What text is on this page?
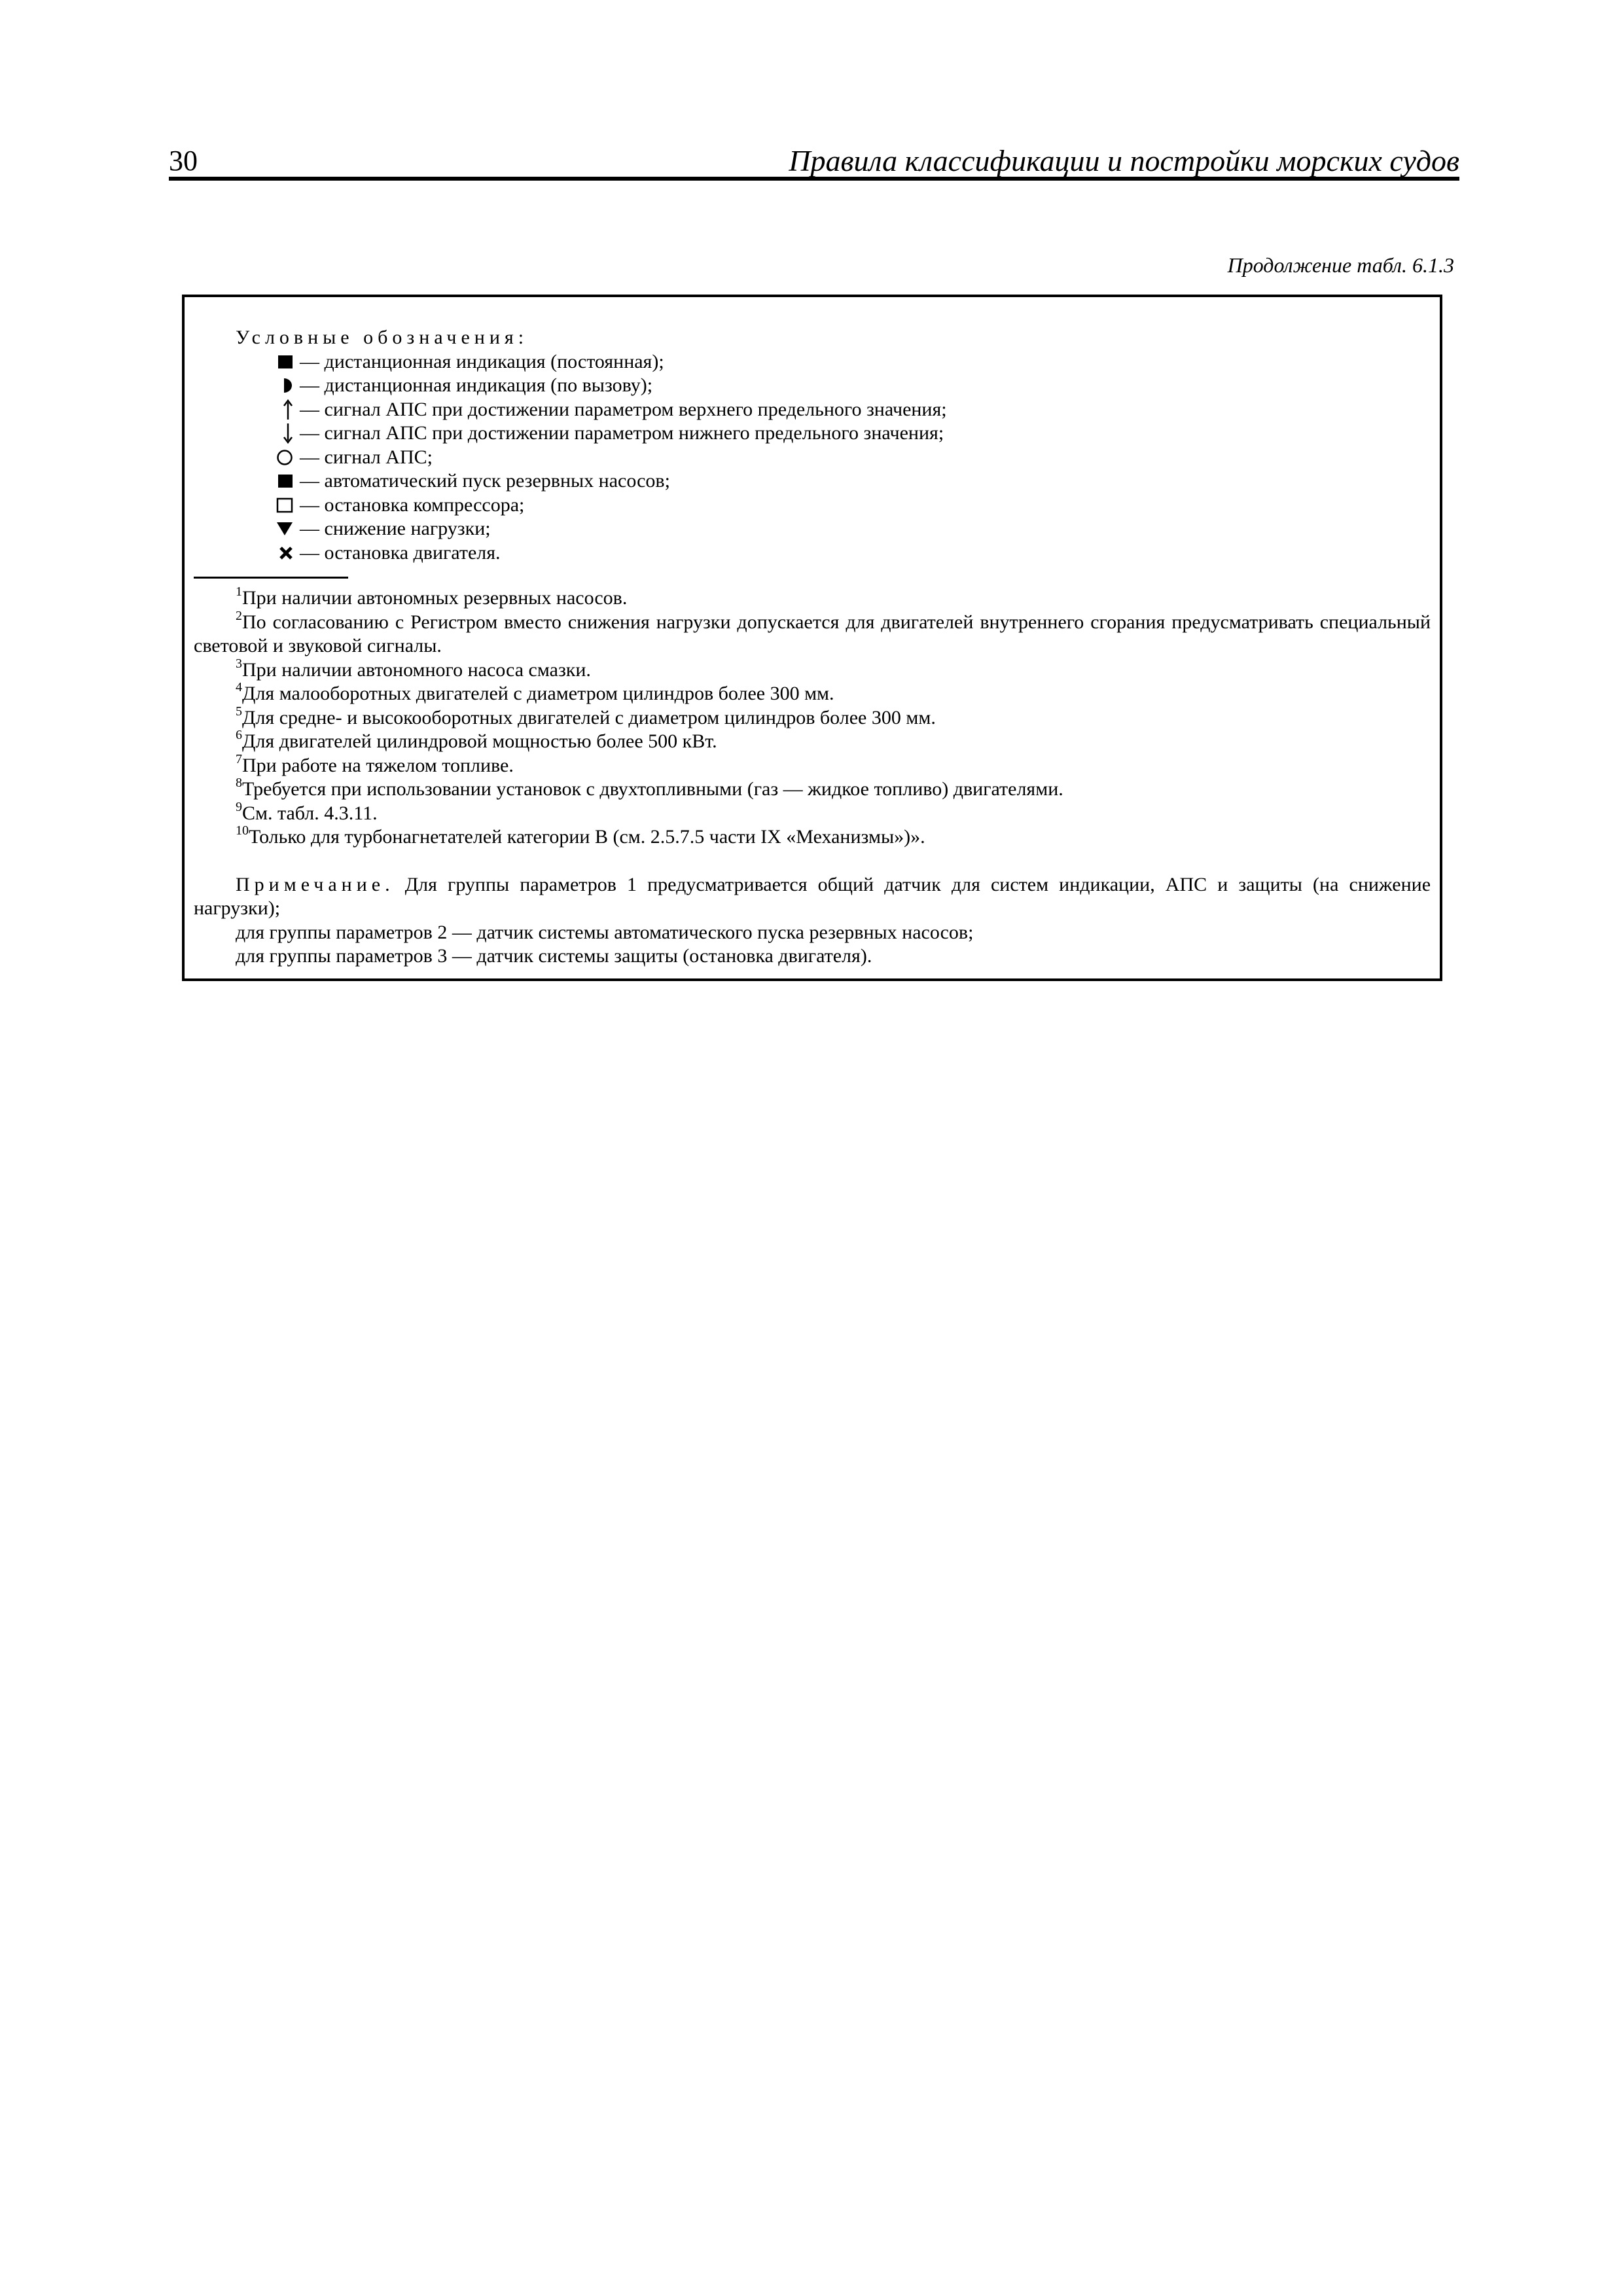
30	Правила классификации и постройки морских судов
Продолжение табл. 6.1.3
Условные обозначения:
— дистанционная индикация (постоянная);
— дистанционная индикация (по вызову);
— сигнал АПС при достижении параметром верхнего предельного значения;
— сигнал АПС при достижении параметром нижнего предельного значения;
— сигнал АПС;
— автоматический пуск резервных насосов;
— остановка компрессора;
— снижение нагрузки;
— остановка двигателя.
$^1$При наличии автономных резервных насосов.
$^2$По согласованию с Регистром вместо снижения нагрузки допускается для двигателей внутреннего сгорания предусматривать специальный световой и звуковой сигналы.
$^3$При наличии автономного насоса смазки.
$^4$Для малооборотных двигателей с диаметром цилиндров более 300 мм.
$^5$Для средне- и высокооборотных двигателей с диаметром цилиндров более 300 мм.
$^6$Для двигателей цилиндровой мощностью более 500 кВт.
$^7$При работе на тяжелом топливе.
$^8$Требуется при использовании установок с двухтопливными (газ — жидкое топливо) двигателями.
$^9$См. табл. 4.3.11.
$^{10}$Только для турбонагнетателей категории B (см. 2.5.7.5 части IX «Механизмы»)».
Примечание. Для группы параметров 1 предусматривается общий датчик для систем индикации, АПС и защиты (на снижение нагрузки);
для группы параметров 2 — датчик системы автоматического пуска резервных насосов;
для группы параметров 3 — датчик системы защиты (остановка двигателя).
